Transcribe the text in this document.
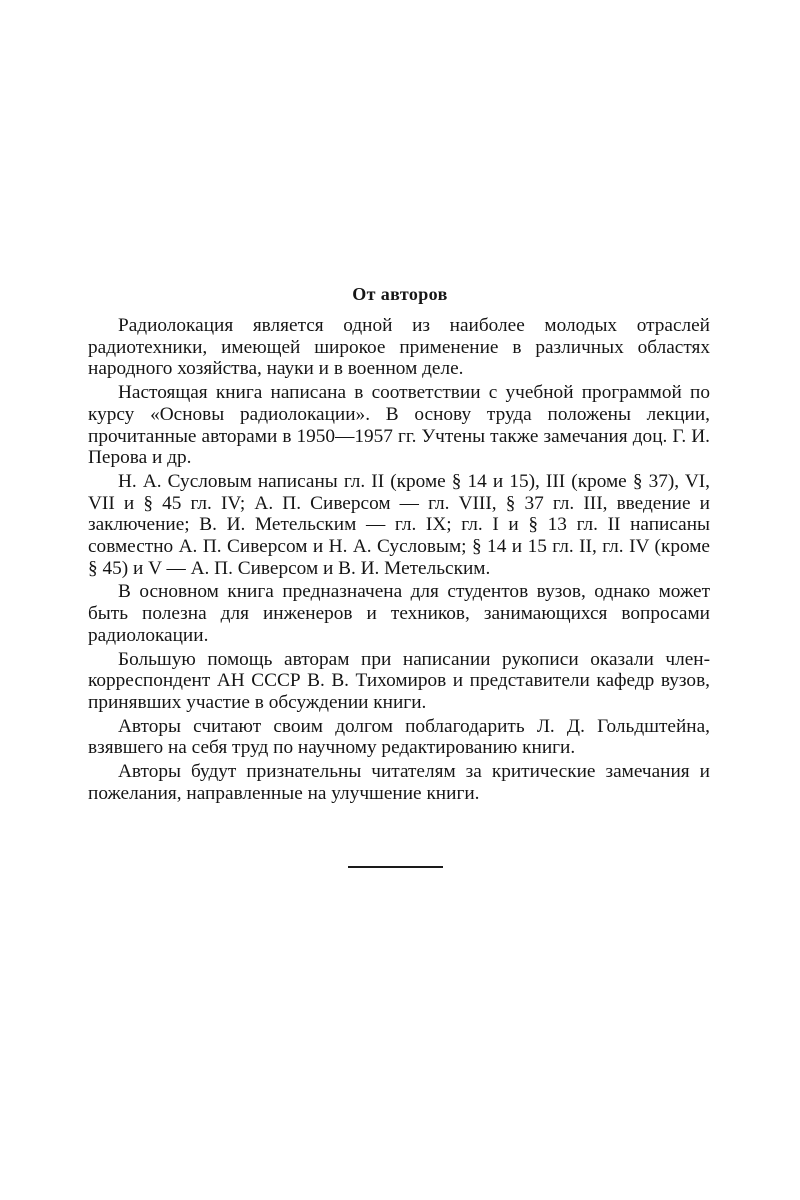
От авторов

Радиолокация является одной из наиболее молодых отраслей радиотехники, имеющей широкое применение в различных областях народного хозяйства, науки и в военном деле.

Настоящая книга написана в соответствии с учебной программой по курсу «Основы радиолокации». В основу труда положены лекции, прочитанные авторами в 1950—1957 гг. Учтены также замечания доц. Г. И. Перова и др.

Н. А. Сусловым написаны гл. II (кроме § 14 и 15), III (кроме § 37), VI, VII и § 45 гл. IV; А. П. Сиверсом — гл. VIII, § 37 гл. III, введение и заключение; В. И. Метельским — гл. IX; гл. I и § 13 гл. II написаны совместно А. П. Сиверсом и Н. А. Сусловым; § 14 и 15 гл. II, гл. IV (кроме § 45) и V — А. П. Сиверсом и В. И. Метельским.

В основном книга предназначена для студентов вузов, однако может быть полезна для инженеров и техников, занимающихся вопросами радиолокации.

Большую помощь авторам при написании рукописи оказали член-корреспондент АН СССР В. В. Тихомиров и представители кафедр вузов, принявших участие в обсуждении книги.

Авторы считают своим долгом поблагодарить Л. Д. Гольдштейна, взявшего на себя труд по научному редактированию книги.

Авторы будут признательны читателям за критические замечания и пожелания, направленные на улучшение книги.
